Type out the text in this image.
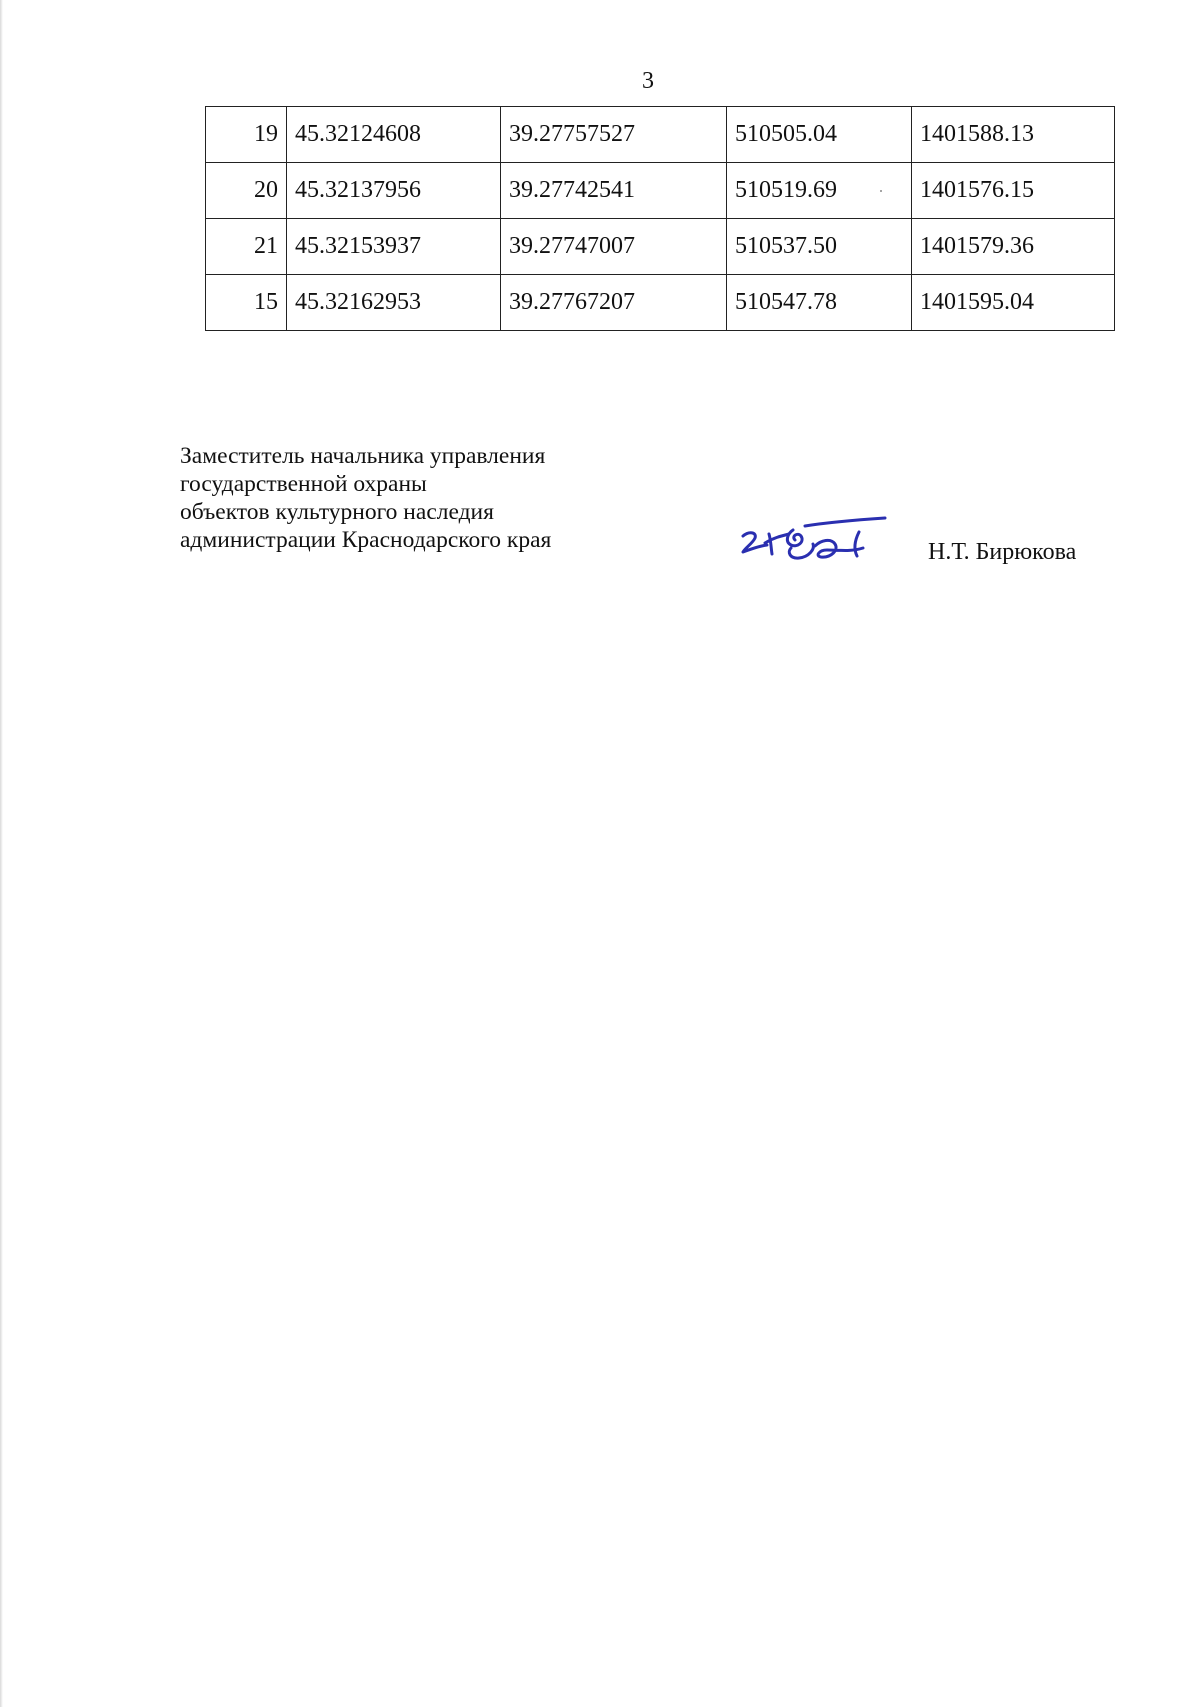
3
19	45.32124608	39.27757527	510505.04	1401588.13
20	45.32137956	39.27742541	510519.69	1401576.15
21	45.32153937	39.27747007	510537.50	1401579.36
15	45.32162953	39.27767207	510547.78	1401595.04
Заместитель начальника управления
государственной охраны
объектов культурного наследия
администрации Краснодарского края	Н.Т. Бирюкова
